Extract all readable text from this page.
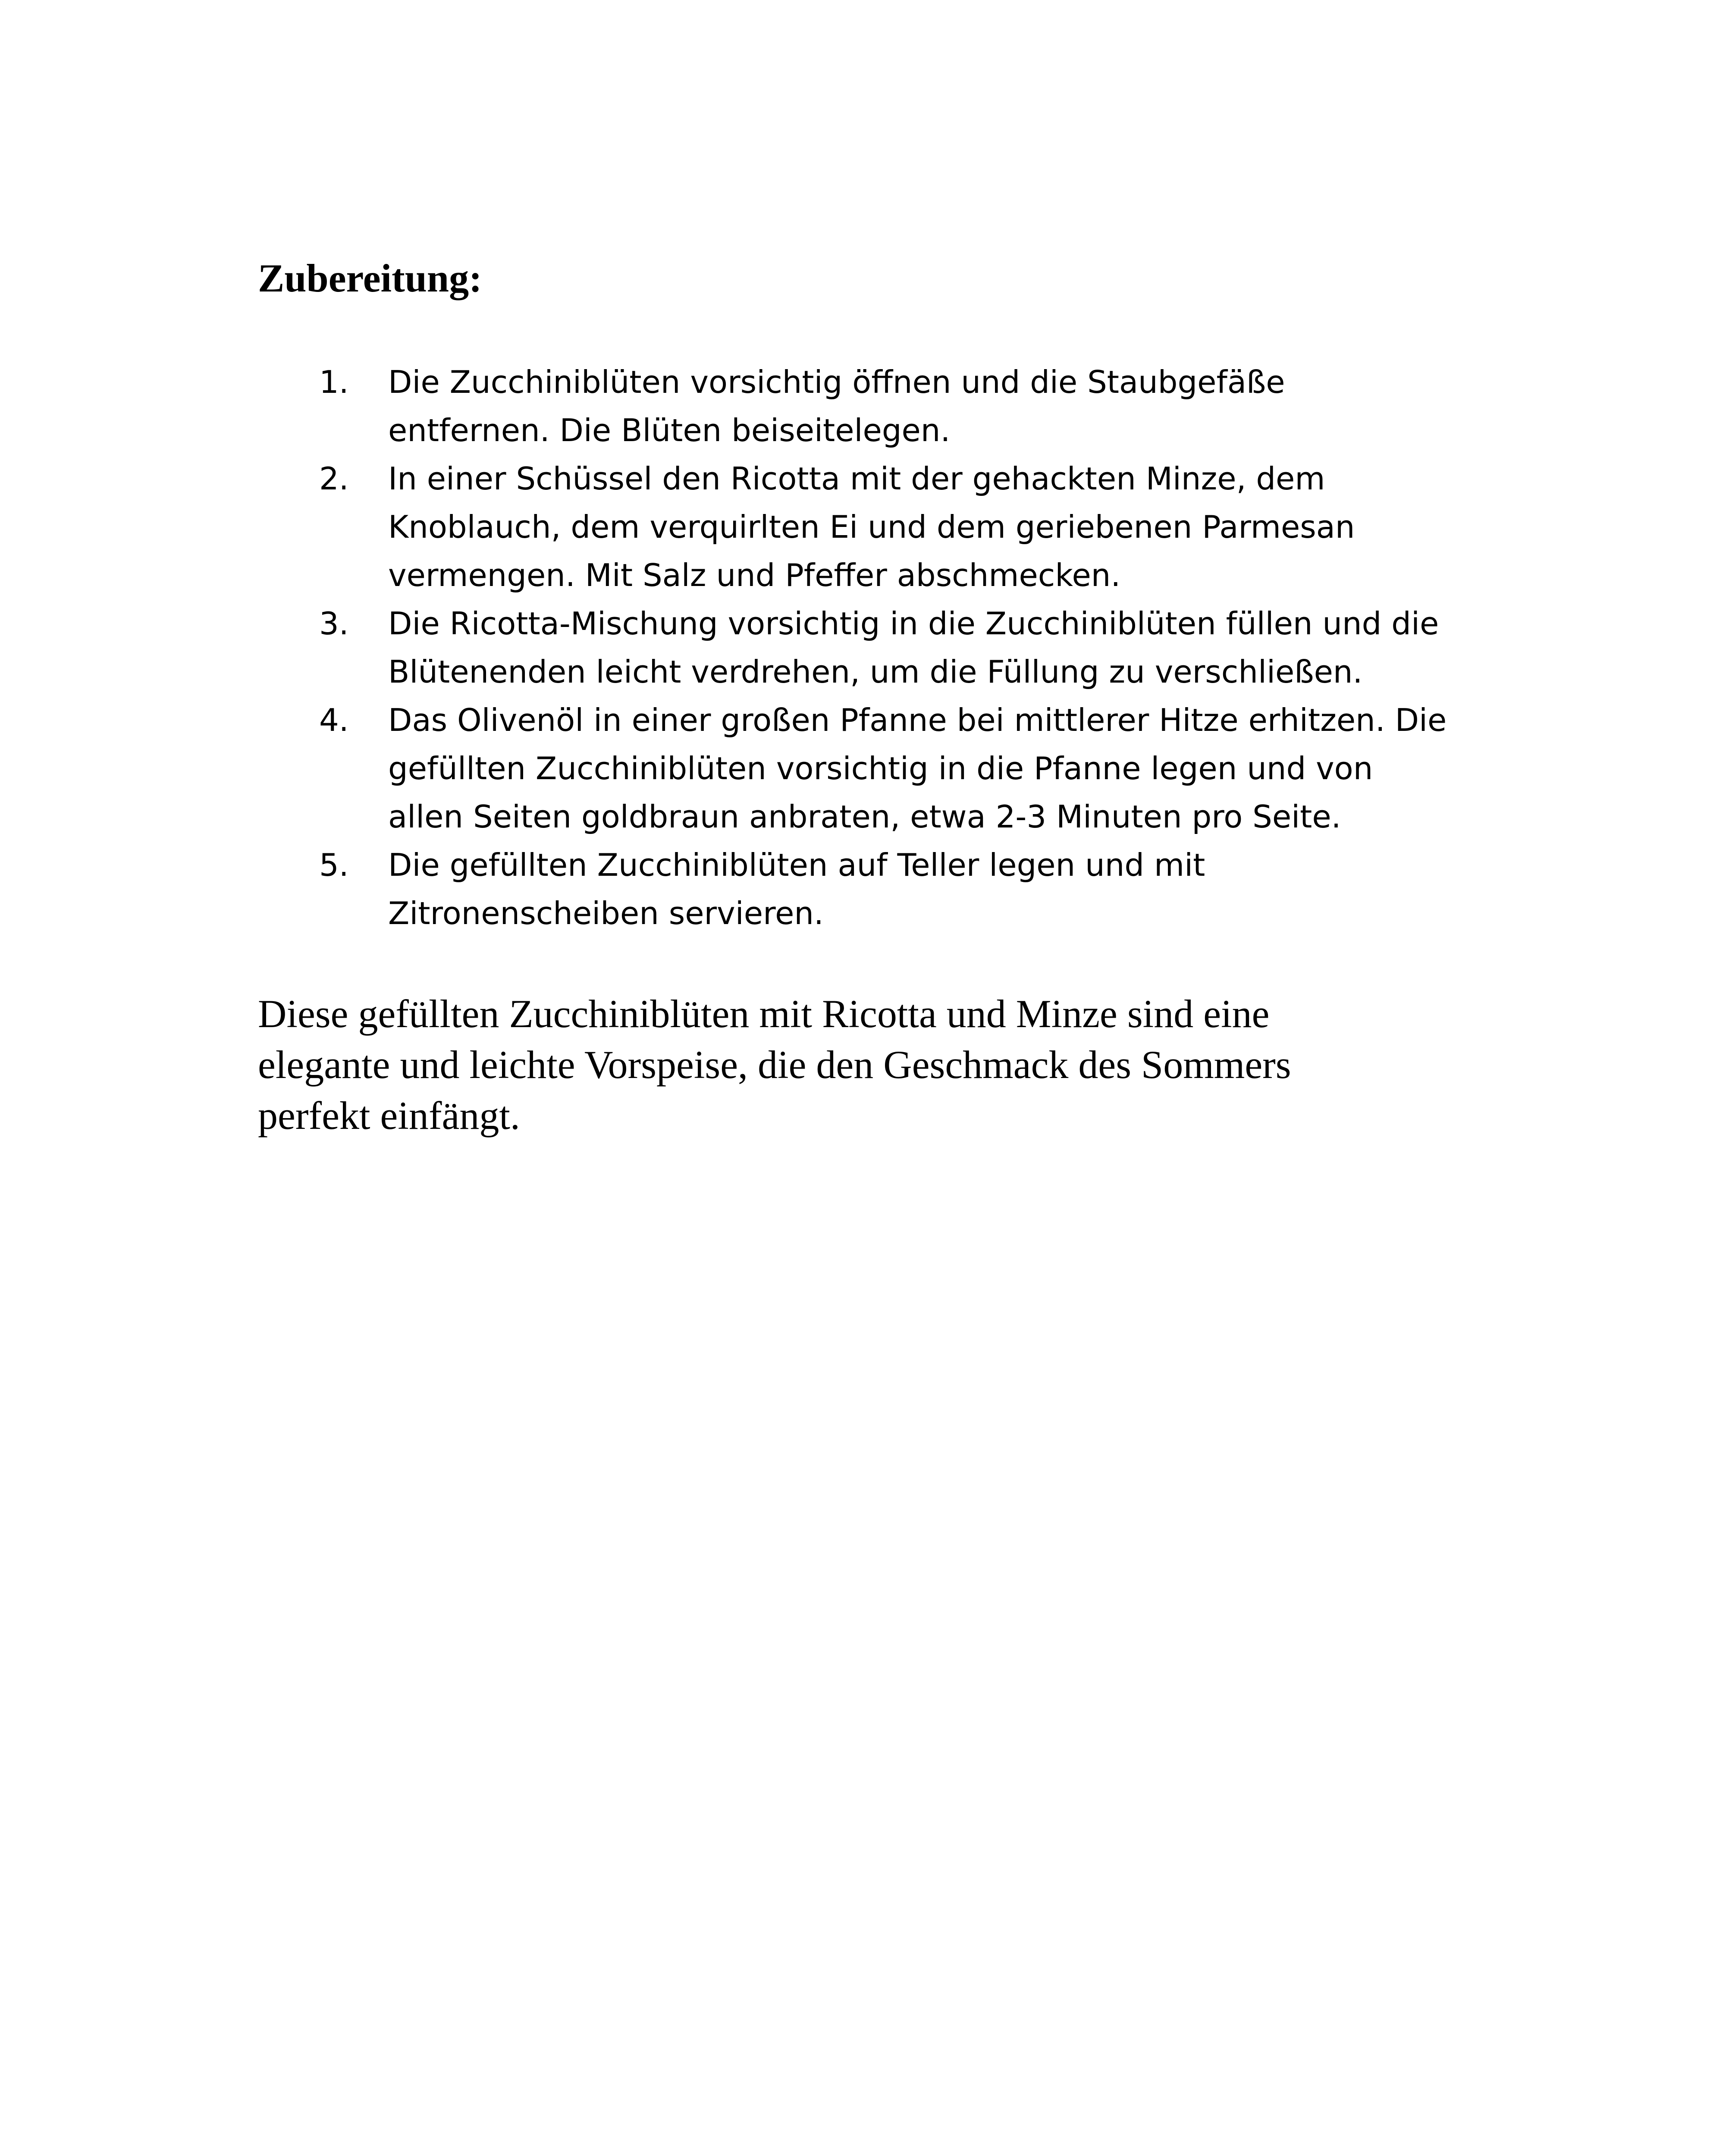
Zubereitung:
1.	Die Zucchiniblüten vorsichtig öffnen und die Staubgefäße
entfernen. Die Blüten beiseitelegen.
2.	In einer Schüssel den Ricotta mit der gehackten Minze, dem
Knoblauch, dem verquirlten Ei und dem geriebenen Parmesan
vermengen. Mit Salz und Pfeffer abschmecken.
3.	Die Ricotta-Mischung vorsichtig in die Zucchiniblüten füllen und die
Blütenenden leicht verdrehen, um die Füllung zu verschließen.
4.	Das Olivenöl in einer großen Pfanne bei mittlerer Hitze erhitzen. Die
gefüllten Zucchiniblüten vorsichtig in die Pfanne legen und von
allen Seiten goldbraun anbraten, etwa 2-3 Minuten pro Seite.
5.	Die gefüllten Zucchiniblüten auf Teller legen und mit
Zitronenscheiben servieren.

Diese gefüllten Zucchiniblüten mit Ricotta und Minze sind eine
elegante und leichte Vorspeise, die den Geschmack des Sommers
perfekt einfängt.
